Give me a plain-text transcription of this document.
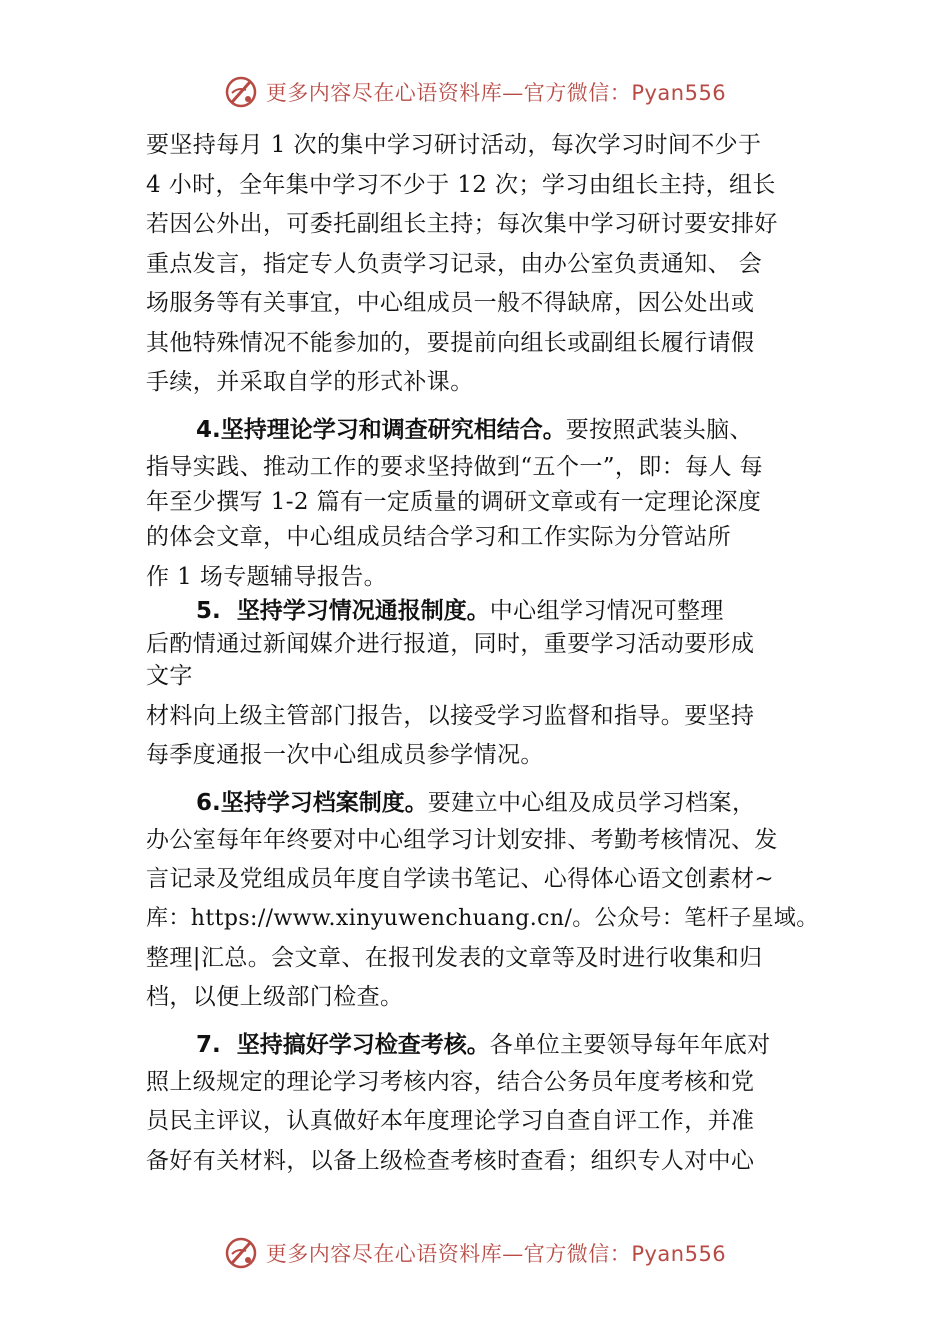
更多内容尽在心语资料库—官方微信：Pyan556
要坚持每月 1 次的集中学习研讨活动，每次学习时间不少于
4 小时，全年集中学习不少于 12 次；学习由组长主持，组长
若因公外出，可委托副组长主持；每次集中学习研讨要安排好
重点发言，指定专人负责学习记录，由办公室负责通知、 会
场服务等有关事宜，中心组成员一般不得缺席，因公处出或
其他特殊情况不能参加的，要提前向组长或副组长履行请假
手续，并采取自学的形式补课。
4.坚持理论学习和调查研究相结合。要按照武装头脑、
指导实践、推动工作的要求坚持做到“五个一”，即：每人 每
年至少撰写 1-2 篇有一定质量的调研文章或有一定理论深度
的体会文章，中心组成员结合学习和工作实际为分管站所
作 1 场专题辅导报告。
5.  坚持学习情况通报制度。中心组学习情况可整理
后酌情通过新闻媒介进行报道，同时，重要学习活动要形成
文字
材料向上级主管部门报告，以接受学习监督和指导。要坚持
每季度通报一次中心组成员参学情况。
6.坚持学习档案制度。要建立中心组及成员学习档案，
办公室每年年终要对中心组学习计划安排、考勤考核情况、发
言记录及党组成员年度自学读书笔记、心得体心语文创素材~
库：https://www.xinyuwenchuang.cn/。公众号：笔杆子星域。
整理|汇总。会文章、在报刊发表的文章等及时进行收集和归
档，以便上级部门检查。
7.  坚持搞好学习检查考核。各单位主要领导每年年底对
照上级规定的理论学习考核内容，结合公务员年度考核和党
员民主评议，认真做好本年度理论学习自查自评工作，并准
备好有关材料，以备上级检查考核时查看；组织专人对中心
更多内容尽在心语资料库—官方微信：Pyan556
